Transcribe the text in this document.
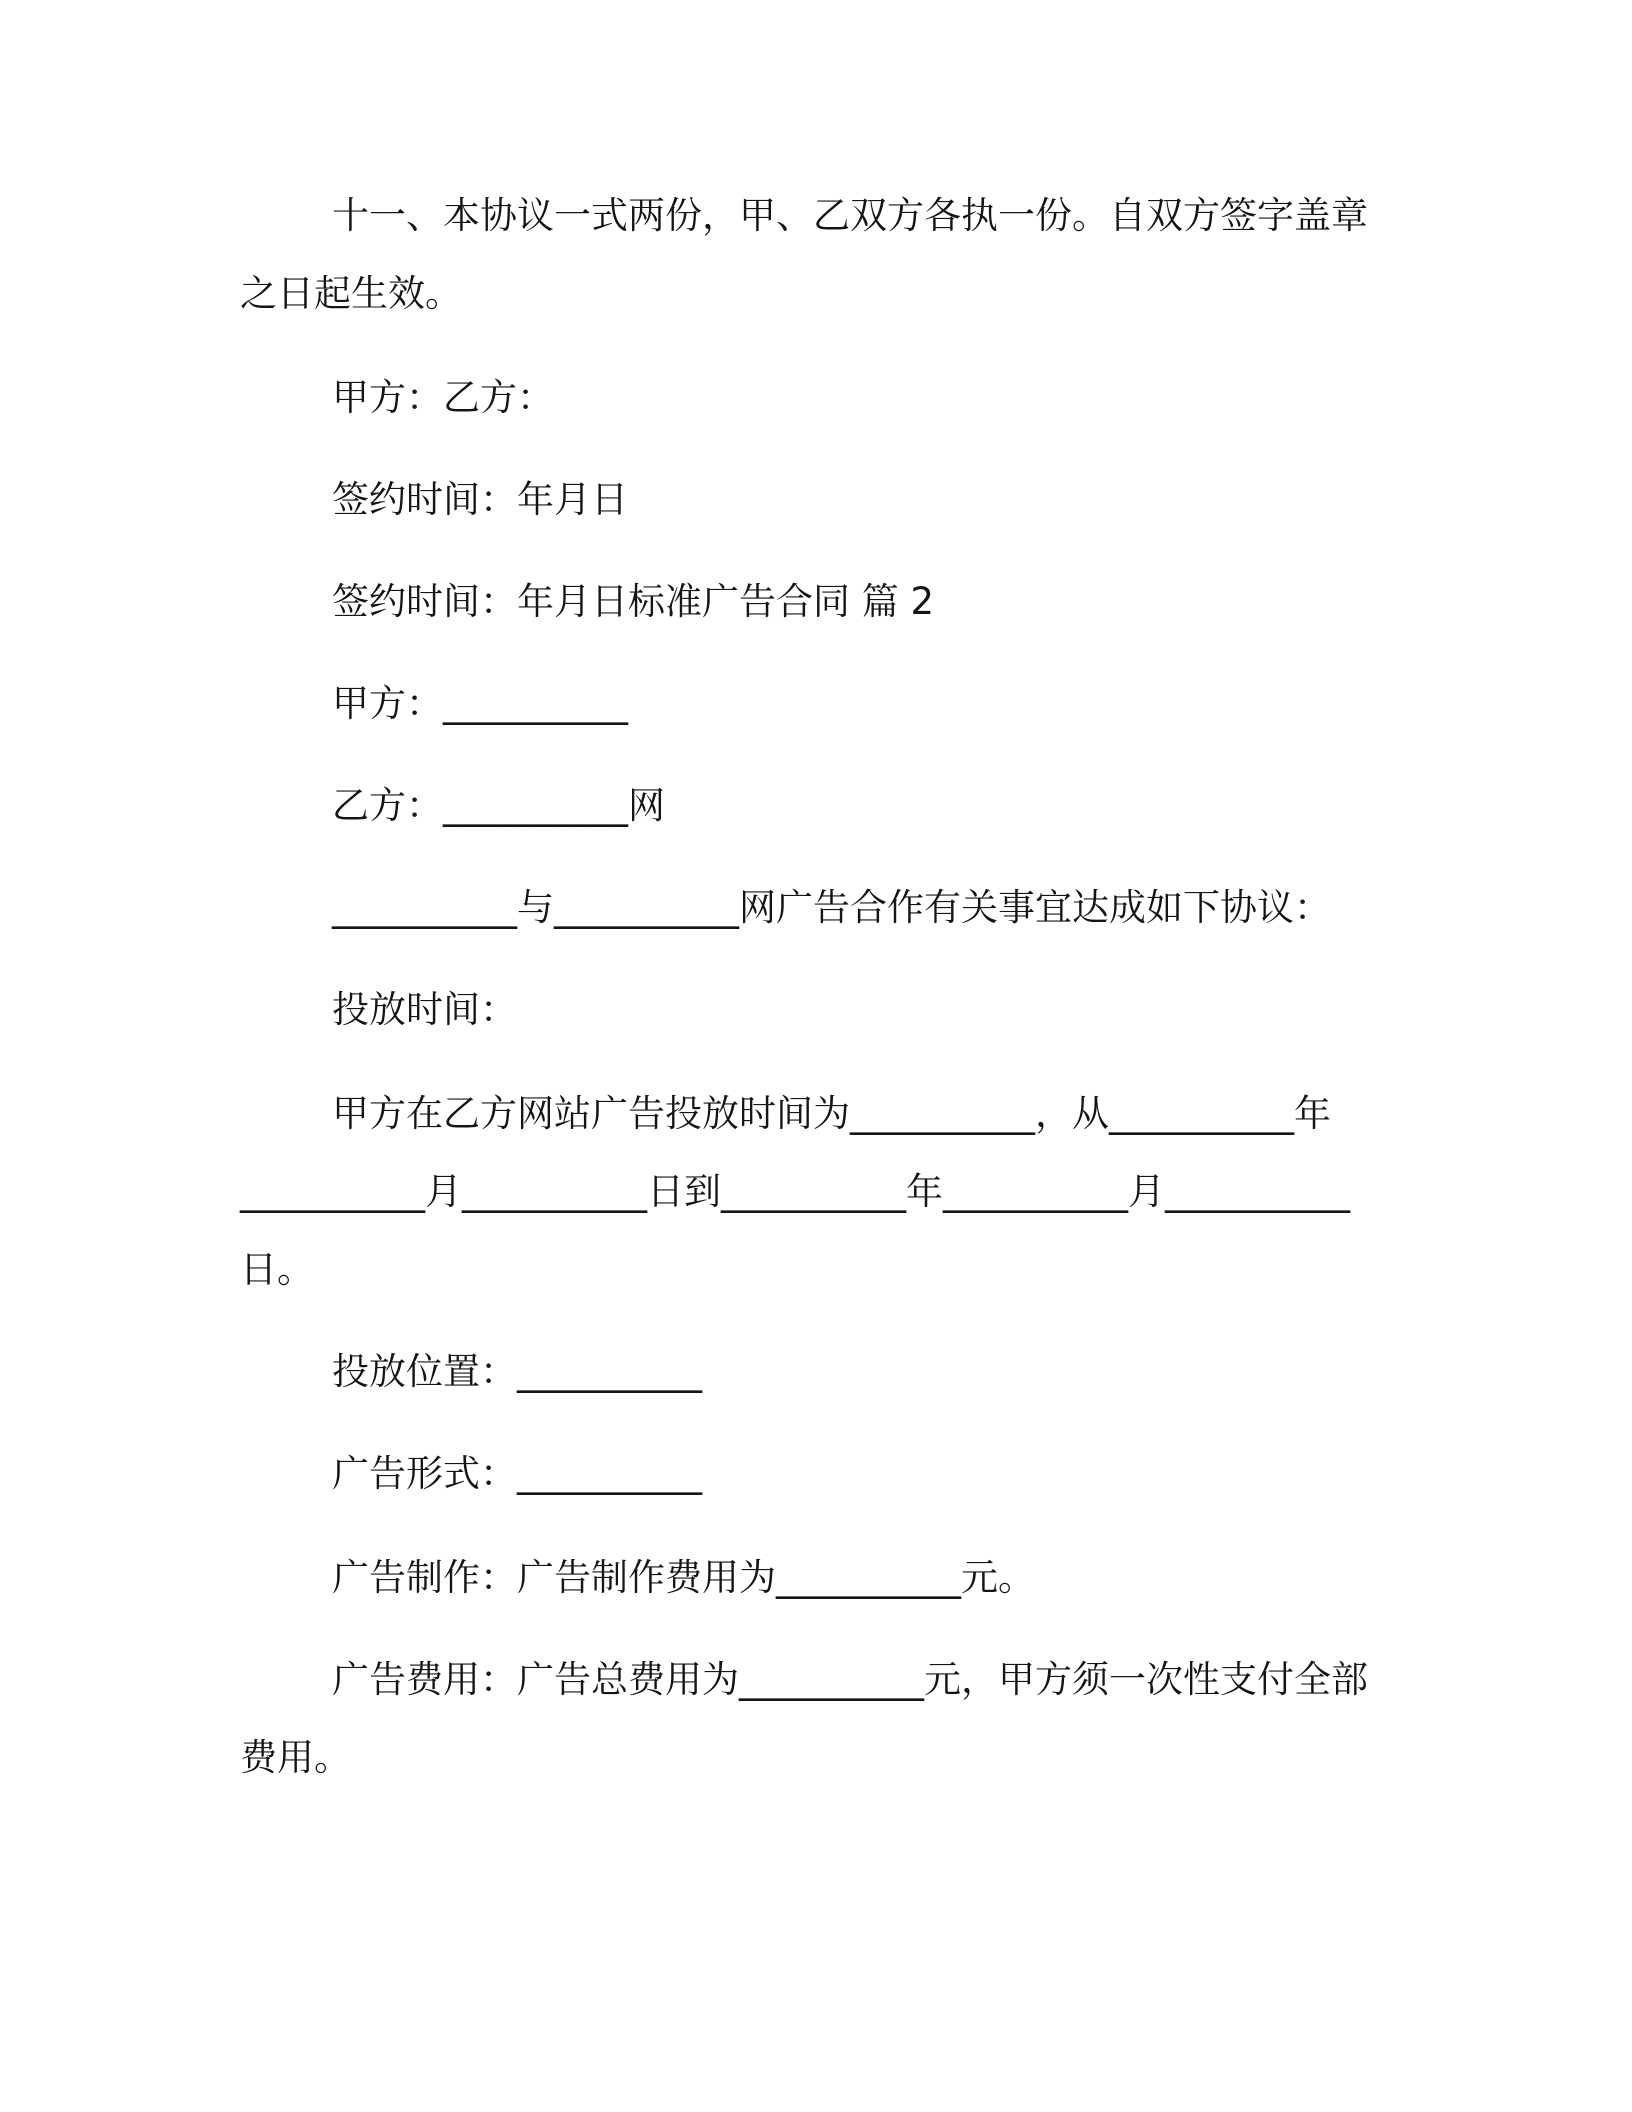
十一、本协议一式两份，甲、乙双方各执一份。自双方签字盖章

之日起生效。

甲方：乙方：

签约时间：年月日

签约时间：年月日标准广告合同 篇 2

甲方：__________

乙方：__________网

__________与__________网广告合作有关事宜达成如下协议：

投放时间：

甲方在乙方网站广告投放时间为__________，从__________年

__________月__________日到__________年__________月__________

日。

投放位置：__________

广告形式：__________

广告制作：广告制作费用为__________元。

广告费用：广告总费用为__________元，甲方须一次性支付全部

费用。
